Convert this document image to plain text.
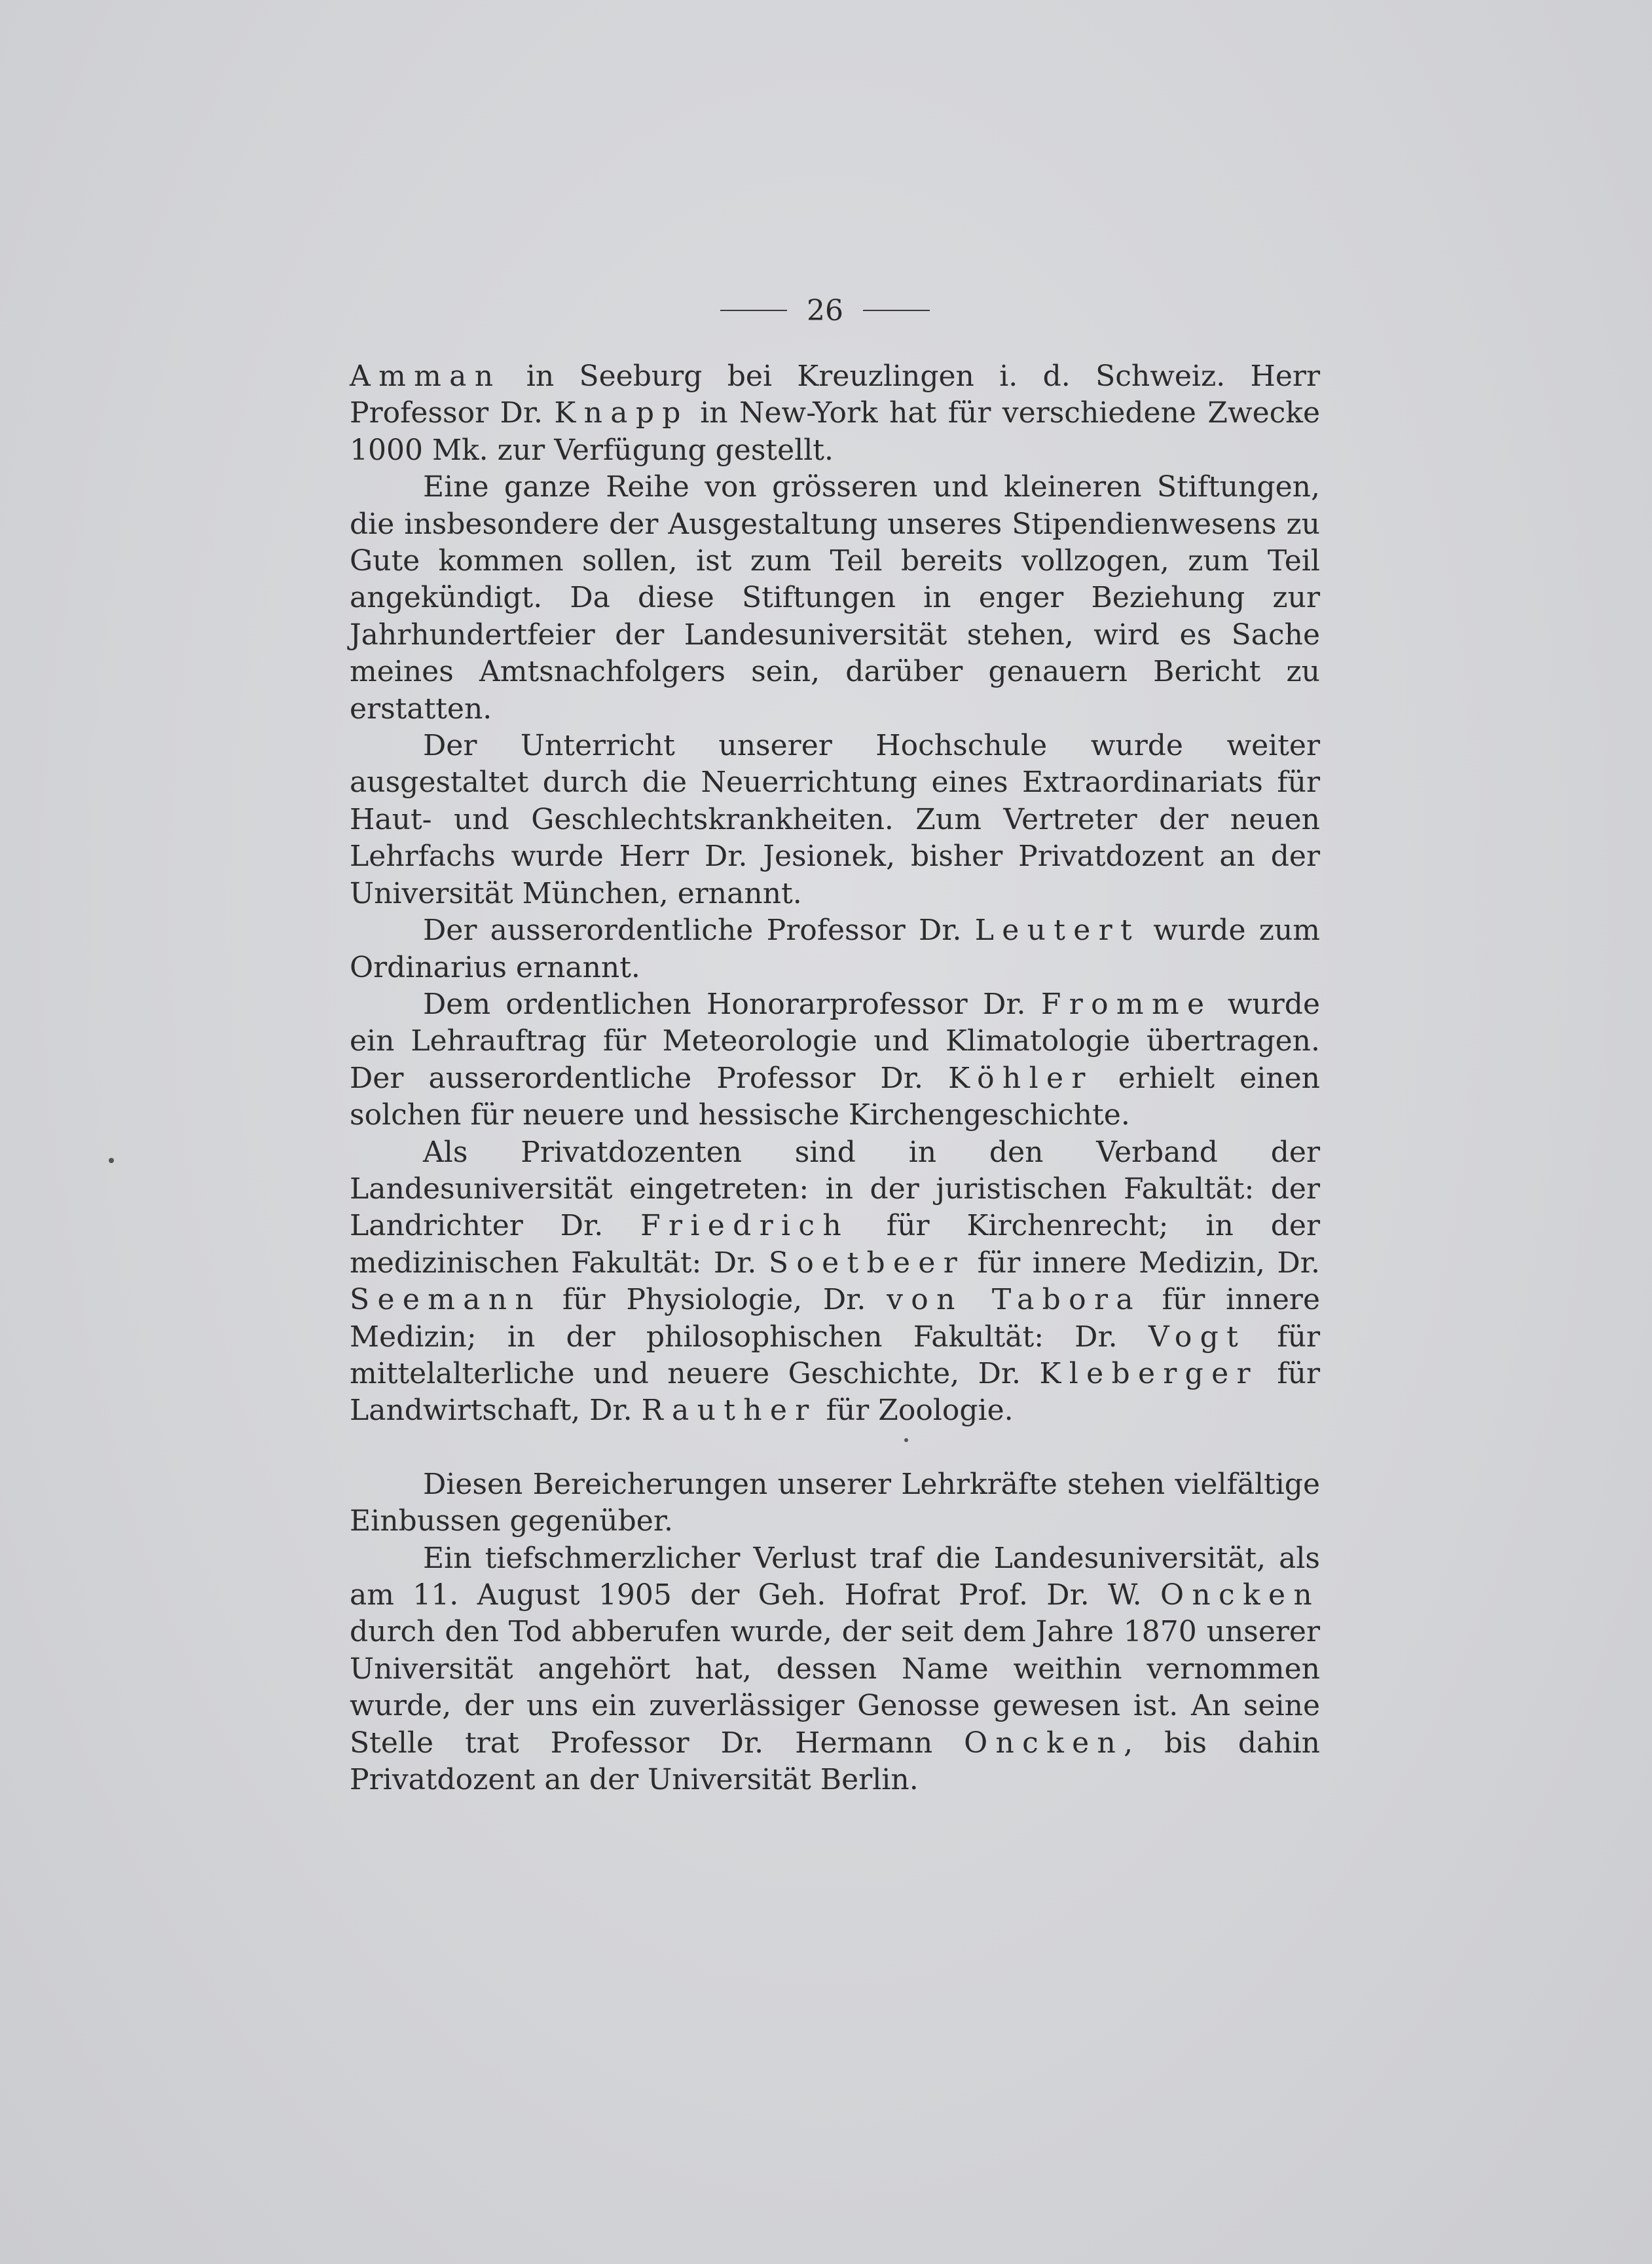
26

Amman in Seeburg bei Kreuzlingen i. d. Schweiz. Herr Professor Dr. Knapp in New-York hat für verschiedene Zwecke 1000 Mk. zur Verfügung gestellt.

Eine ganze Reihe von grösseren und kleineren Stiftungen, die insbesondere der Ausgestaltung unseres Stipendienwesens zu Gute kommen sollen, ist zum Teil bereits vollzogen, zum Teil angekündigt. Da diese Stiftungen in enger Beziehung zur Jahrhundertfeier der Landesuniversität stehen, wird es Sache meines Amtsnachfolgers sein, darüber genauern Bericht zu erstatten.

Der Unterricht unserer Hochschule wurde weiter ausgestaltet durch die Neuerrichtung eines Extraordinariats für Haut- und Geschlechtskrankheiten. Zum Vertreter der neuen Lehrfachs wurde Herr Dr. Jesionek, bisher Privatdozent an der Universität München, ernannt.

Der ausserordentliche Professor Dr. Leutert wurde zum Ordinarius ernannt.

Dem ordentlichen Honorarprofessor Dr. Fromme wurde ein Lehrauftrag für Meteorologie und Klimatologie übertragen. Der ausserordentliche Professor Dr. Köhler erhielt einen solchen für neuere und hessische Kirchengeschichte.

Als Privatdozenten sind in den Verband der Landesuniversität eingetreten: in der juristischen Fakultät: der Landrichter Dr. Friedrich für Kirchenrecht; in der medizinischen Fakultät: Dr. Soetbeer für innere Medizin, Dr. Seemann für Physiologie, Dr. von Tabora für innere Medizin; in der philosophischen Fakultät: Dr. Vogt für mittelalterliche und neuere Geschichte, Dr. Kleberger für Landwirtschaft, Dr. Rauther für Zoologie.

Diesen Bereicherungen unserer Lehrkräfte stehen vielfältige Einbussen gegenüber.

Ein tiefschmerzlicher Verlust traf die Landesuniversität, als am 11. August 1905 der Geh. Hofrat Prof. Dr. W. Oncken durch den Tod abberufen wurde, der seit dem Jahre 1870 unserer Universität angehört hat, dessen Name weithin vernommen wurde, der uns ein zuverlässiger Genosse gewesen ist. An seine Stelle trat Professor Dr. Hermann Oncken, bis dahin Privatdozent an der Universität Berlin.
